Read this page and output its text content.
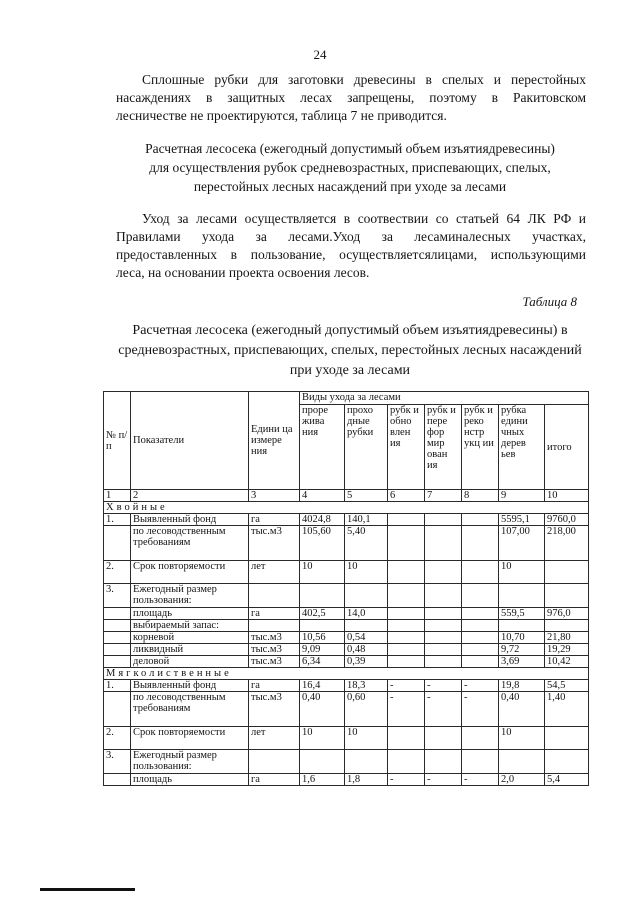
24

Сплошные рубки для заготовки древесины в спелых и перестойных
насаждениях в защитных лесах запрещены, поэтому в Ракитовском
лесничестве не проектируются, таблица 7 не приводится.

Расчетная лесосека (ежегодный допустимый объем изъятиядревесины)
для осуществления рубок средневозрастных, приспевающих, спелых,
перестойных лесных насаждений при уходе за лесами

Уход за лесами осуществляется в соотвествии со статьей 64 ЛК РФ и
Правилами ухода за лесами.Уход за лесаминалесных участках,
предоставленных в пользование, осуществляетсялицами, использующими
леса, на основании проекта освоения лесов.

Таблица 8
Расчетная лесосека (ежегодный допустимый объем изъятиядревесины) в
средневозрастных, приспевающих, спелых, перестойных лесных насаждений
при уходе за лесами
№ п/п	Показатели	Едини ца измере ния	Виды ухода за лесами						
			проре жива ния	прохо дные рубки	рубк и обно влен ия	рубк и пере фор мир ован ия	рубк и реко нстр укц ии	рубка едини чных дерев ьев	итого
1	2	3	4	5	6	7	8	9	10
Хвойные									
1.	Выявленный фонд	га	4024,8	140,1				5595,1	9760,0
	по лесоводственным требованиям	тыс.м3	105,60	5,40				107,00	218,00
2.	Срок повторяемости	лет	10	10				10	
3.	Ежегодный размер пользования:								
	площадь	га	402,5	14,0				559,5	976,0
	выбираемый запас:								
	корневой	тыс.м3	10,56	0,54				10,70	21,80
	ликвидный	тыс.м3	9,09	0,48				9,72	19,29
	деловой	тыс.м3	6,34	0,39				3,69	10,42
Мягколиственные									
1.	Выявленный фонд	га	16,4	18,3	-	-	-	19,8	54,5
	по лесоводственным требованиям	тыс.м3	0,40	0,60	-	-	-	0,40	1,40
2.	Срок повторяемости	лет	10	10				10	
3.	Ежегодный размер пользования:								
	площадь	га	1,6	1,8	-	-	-	2,0	5,4
